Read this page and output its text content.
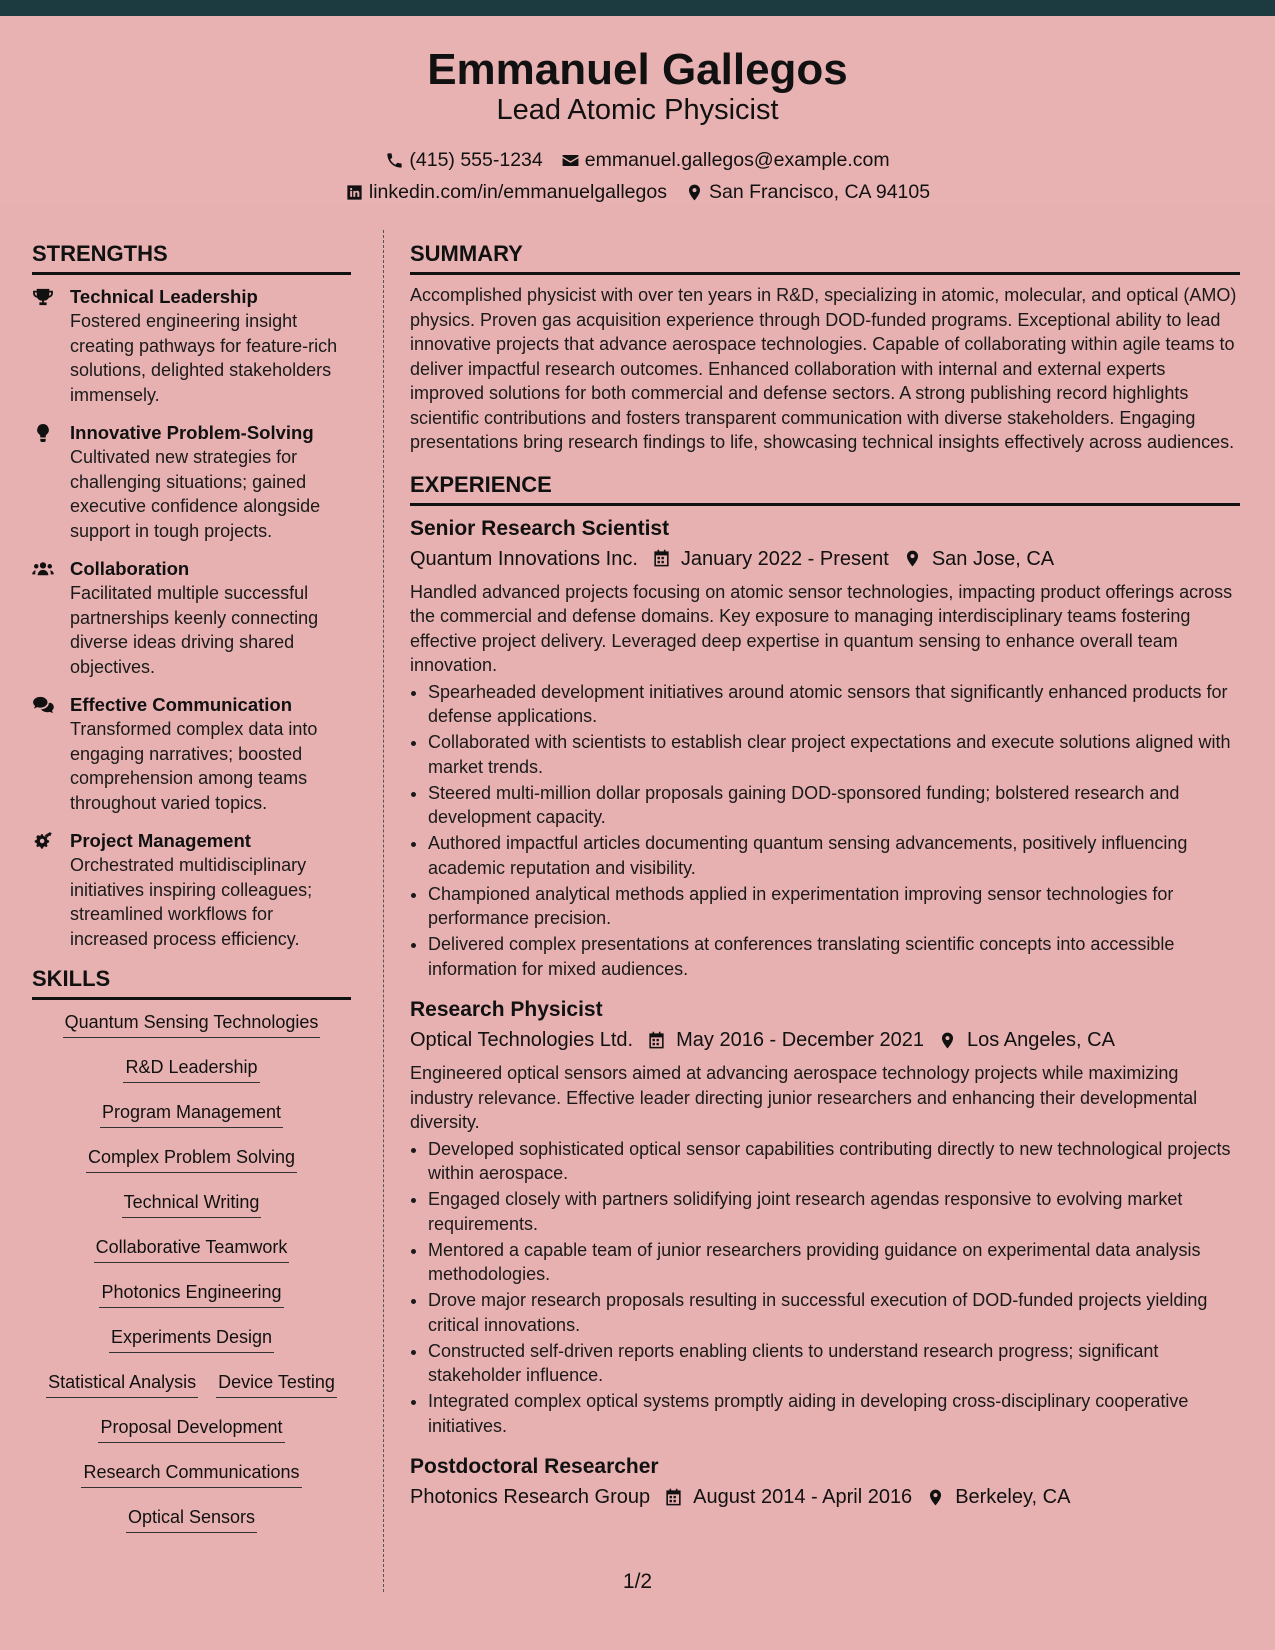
Emmanuel Gallegos
Lead Atomic Physicist
(415) 555-1234 emmanuel.gallegos@example.com
linkedin.com/in/emmanuelgallegos San Francisco, CA 94105
STRENGTHS
Technical Leadership
Fostered engineering insight creating pathways for feature-rich solutions, delighted stakeholders immensely.
Innovative Problem-Solving
Cultivated new strategies for challenging situations; gained executive confidence alongside support in tough projects.
Collaboration
Facilitated multiple successful partnerships keenly connecting diverse ideas driving shared objectives.
Effective Communication
Transformed complex data into engaging narratives; boosted comprehension among teams throughout varied topics.
Project Management
Orchestrated multidisciplinary initiatives inspiring colleagues; streamlined workflows for increased process efficiency.
SKILLS
Quantum Sensing Technologies
R&D Leadership
Program Management
Complex Problem Solving
Technical Writing
Collaborative Teamwork
Photonics Engineering
Experiments Design
Statistical Analysis Device Testing
Proposal Development
Research Communications
Optical Sensors
SUMMARY
Accomplished physicist with over ten years in R&D, specializing in atomic, molecular, and optical (AMO) physics. Proven gas acquisition experience through DOD-funded programs. Exceptional ability to lead innovative projects that advance aerospace technologies. Capable of collaborating within agile teams to deliver impactful research outcomes. Enhanced collaboration with internal and external experts improved solutions for both commercial and defense sectors. A strong publishing record highlights scientific contributions and fosters transparent communication with diverse stakeholders. Engaging presentations bring research findings to life, showcasing technical insights effectively across audiences.
EXPERIENCE
Senior Research Scientist
Quantum Innovations Inc. January 2022 - Present San Jose, CA
Handled advanced projects focusing on atomic sensor technologies, impacting product offerings across the commercial and defense domains. Key exposure to managing interdisciplinary teams fostering effective project delivery. Leveraged deep expertise in quantum sensing to enhance overall team innovation.
• Spearheaded development initiatives around atomic sensors that significantly enhanced products for defense applications.
• Collaborated with scientists to establish clear project expectations and execute solutions aligned with market trends.
• Steered multi-million dollar proposals gaining DOD-sponsored funding; bolstered research and development capacity.
• Authored impactful articles documenting quantum sensing advancements, positively influencing academic reputation and visibility.
• Championed analytical methods applied in experimentation improving sensor technologies for performance precision.
• Delivered complex presentations at conferences translating scientific concepts into accessible information for mixed audiences.
Research Physicist
Optical Technologies Ltd. May 2016 - December 2021 Los Angeles, CA
Engineered optical sensors aimed at advancing aerospace technology projects while maximizing industry relevance. Effective leader directing junior researchers and enhancing their developmental diversity.
• Developed sophisticated optical sensor capabilities contributing directly to new technological projects within aerospace.
• Engaged closely with partners solidifying joint research agendas responsive to evolving market requirements.
• Mentored a capable team of junior researchers providing guidance on experimental data analysis methodologies.
• Drove major research proposals resulting in successful execution of DOD-funded projects yielding critical innovations.
• Constructed self-driven reports enabling clients to understand research progress; significant stakeholder influence.
• Integrated complex optical systems promptly aiding in developing cross-disciplinary cooperative initiatives.
Postdoctoral Researcher
Photonics Research Group August 2014 - April 2016 Berkeley, CA
1/2
